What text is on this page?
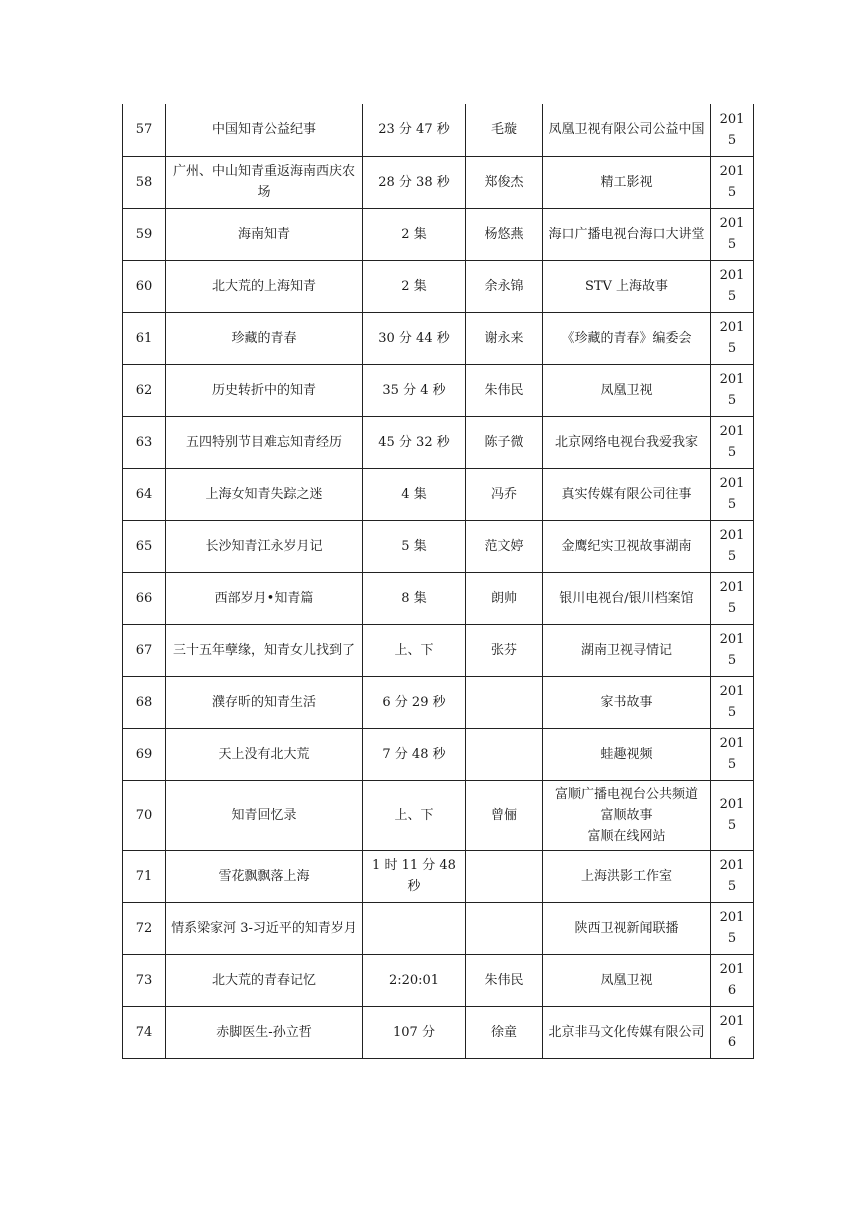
57	中国知青公益纪事	23 分 47 秒	毛璇	凤凰卫视有限公司公益中国	2015
58	广州、中山知青重返海南西庆农场	28 分 38 秒	郑俊杰	精工影视	2015
59	海南知青	2 集	杨悠燕	海口广播电视台海口大讲堂	2015
60	北大荒的上海知青	2 集	余永锦	STV 上海故事	2015
61	珍藏的青春	30 分 44 秒	谢永来	《珍藏的青春》编委会	2015
62	历史转折中的知青	35 分 4 秒	朱伟民	凤凰卫视	2015
63	五四特别节目难忘知青经历	45 分 32 秒	陈子微	北京网络电视台我爱我家	2015
64	上海女知青失踪之迷	4 集	冯乔	真实传媒有限公司往事	2015
65	长沙知青江永岁月记	5 集	范文婷	金鹰纪实卫视故事湖南	2015
66	西部岁月•知青篇	8 集	朗帅	银川电视台/银川档案馆	2015
67	三十五年孽缘，知青女儿找到了	上、下	张芬	湖南卫视寻情记	2015
68	濮存昕的知青生活	6 分 29 秒		家书故事	2015
69	天上没有北大荒	7 分 48 秒		蛙趣视频	2015
70	知青回忆录	上、下	曾俪	富顺广播电视台公共频道
富顺故事
富顺在线网站	2015
71	雪花飘飘落上海	1 时 11 分 48 秒		上海洪影工作室	2015
72	情系梁家河 3-习近平的知青岁月			陕西卫视新闻联播	2015
73	北大荒的青春记忆	2:20:01	朱伟民	凤凰卫视	2016
74	赤脚医生-孙立哲	107 分	徐童	北京非马文化传媒有限公司	2016
